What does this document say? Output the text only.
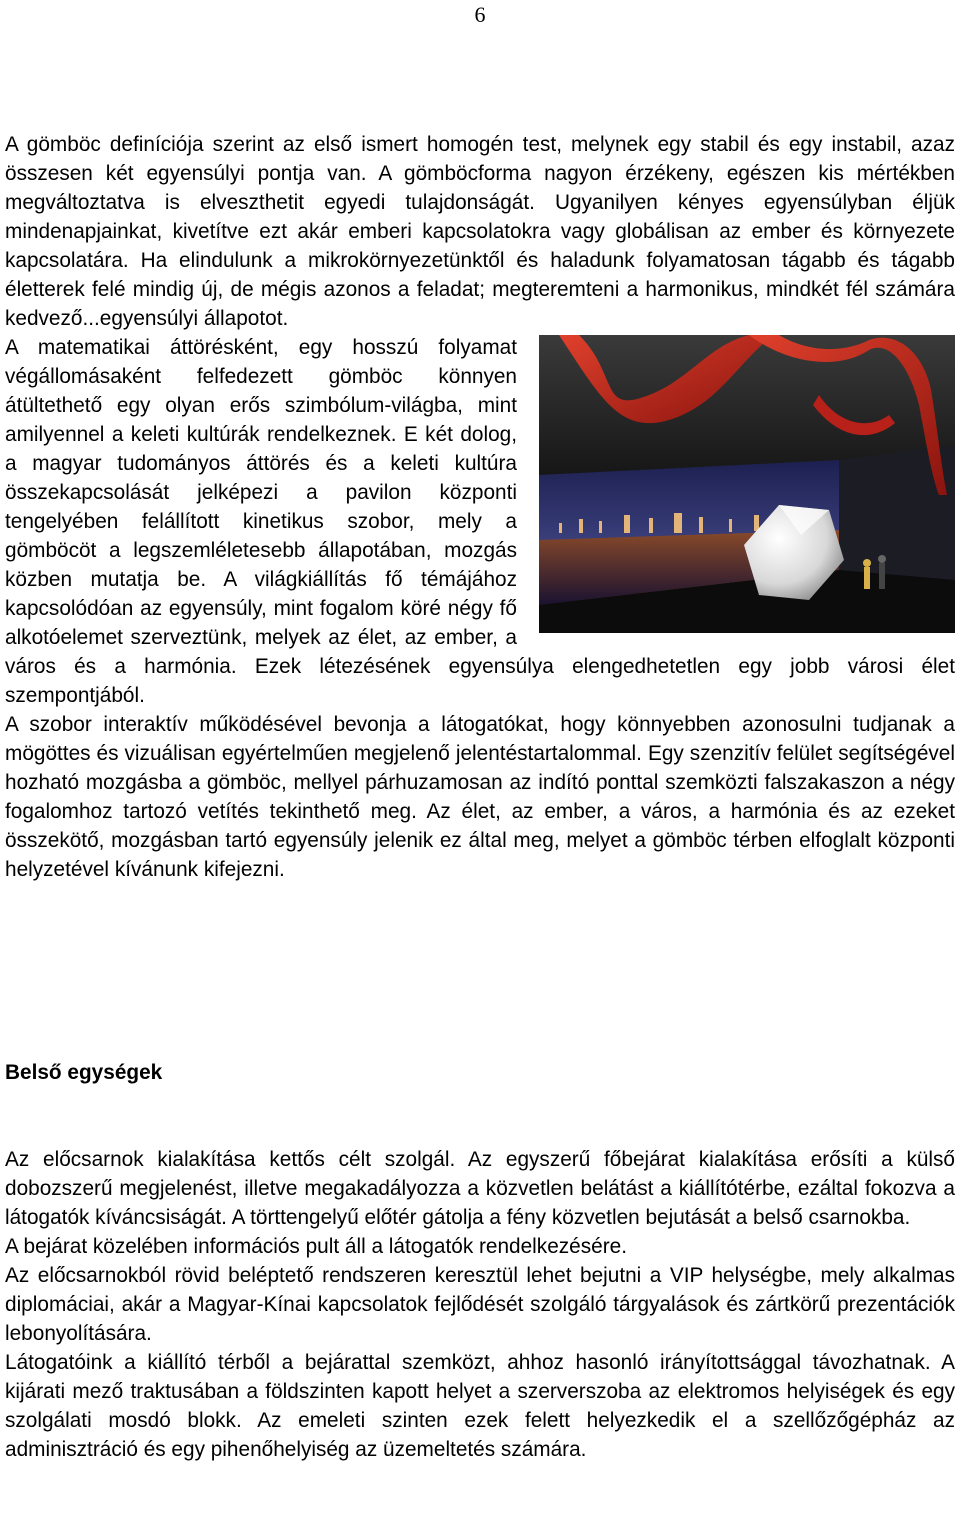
6

A gömböc definíciója szerint az első ismert homogén test, melynek egy stabil és egy instabil, azaz összesen két egyensúlyi pontja van. A gömböcforma nagyon érzékeny, egészen kis mértékben megváltoztatva is elveszthetit egyedi tulajdonságát. Ugyanilyen kényes egyensúlyban éljük mindenapjainkat, kivetítve ezt akár emberi kapcsolatokra vagy globálisan az ember és környezete kapcsolatára. Ha elindulunk a mikrokörnyezetünktől és haladunk folyamatosan tágabb és tágabb életterek felé mindig új, de mégis azonos a feladat; megteremteni a harmonikus, mindkét fél számára kedvező...egyensúlyi állapotot.

A matematikai áttörésként, egy hosszú folyamat végállomásaként felfedezett gömböc könnyen átültethető egy olyan erős szimbólum-világba, mint amilyennel a keleti kultúrák rendelkeznek. E két dolog, a magyar tudományos áttörés és a keleti kultúra összekapcsolását jelképezi a pavilon központi tengelyében felállított kinetikus szobor, mely a gömböcöt a legszemléletesebb állapotában, mozgás közben mutatja be. A világkiállítás fő témájához kapcsolódóan az egyensúly, mint fogalom köré négy fő alkotóelemet szerveztünk, melyek az élet, az ember, a város és a harmónia. Ezek létezésének egyensúlya elengedhetetlen egy jobb városi élet szempontjából.

A szobor interaktív működésével bevonja a látogatókat, hogy könnyebben azonosulni tudjanak a mögöttes és vizuálisan egyértelműen megjelenő jelentéstartalommal. Egy szenzitív felület segítségével hozható mozgásba a gömböc, mellyel párhuzamosan az indító ponttal szemközti falszakaszon a négy fogalomhoz tartozó vetítés tekinthető meg. Az élet, az ember, a város, a harmónia és az ezeket összekötő, mozgásban tartó egyensúly jelenik ez által meg, melyet a gömböc térben elfoglalt központi helyzetével kívánunk kifejezni.

Belső egységek

Az előcsarnok kialakítása kettős célt szolgál. Az egyszerű főbejárat kialakítása erősíti a külső dobozszerű megjelenést, illetve megakadályozza a közvetlen belátást a kiállítótérbe, ezáltal fokozva a látogatók kíváncsiságát. A törttengelyű előtér gátolja a fény közvetlen bejutását a belső csarnokba.

A bejárat közelében információs pult áll a látogatók rendelkezésére.

Az előcsarnokból rövid beléptető rendszeren keresztül lehet bejutni a VIP helységbe, mely alkalmas diplomáciai, akár a Magyar-Kínai kapcsolatok fejlődését szolgáló tárgyalások és zártkörű prezentációk lebonyolítására.

Látogatóink a kiállító térből a bejárattal szemközt, ahhoz hasonló irányítottsággal távozhatnak. A kijárati mező traktusában a földszinten kapott helyet a szerverszoba az elektromos helyiségek és egy szolgálati mosdó blokk. Az emeleti szinten ezek felett helyezkedik el a szellőzőgépház az adminisztráció és egy pihenőhelyiség az üzemeltetés számára.
